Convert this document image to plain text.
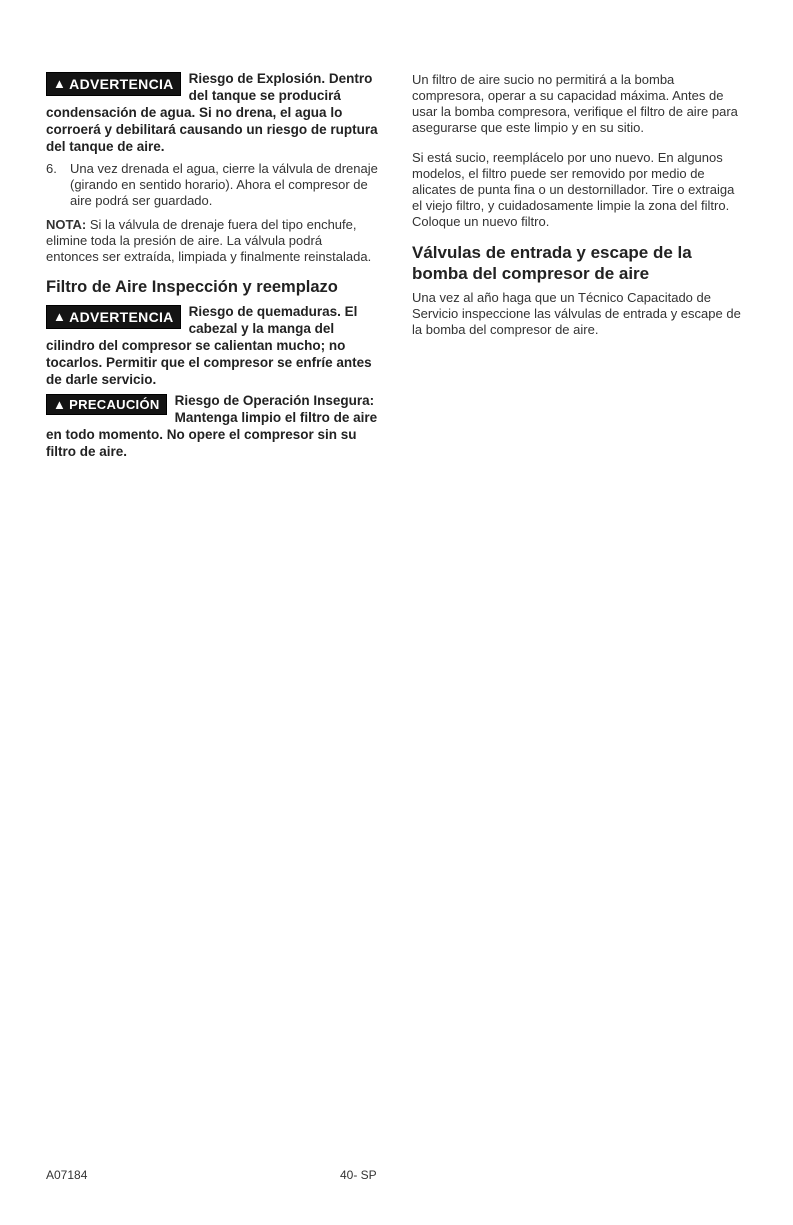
▲ ADVERTENCIA Riesgo de Explosión. Dentro del tanque se producirá condensación de agua. Si no drena, el agua lo corroerá y debilitará causando un riesgo de ruptura del tanque de aire.
6.	Una vez drenada el agua, cierre la válvula de drenaje (girando en sentido horario). Ahora el compresor de aire podrá ser guardado.
NOTA: Si la válvula de drenaje fuera del tipo enchufe, elimine toda la presión de aire. La válvula podrá entonces ser extraída, limpiada y finalmente reinstalada.
Filtro de Aire Inspección y reemplazo
▲ ADVERTENCIA Riesgo de quemaduras. El cabezal y la manga del cilindro del compresor se calientan mucho; no tocarlos. Permitir que el compresor se enfríe antes de darle servicio.
▲ PRECAUCIÓN Riesgo de Operación Insegura: Mantenga limpio el filtro de aire en todo momento. No opere el compresor sin su filtro de aire.

Un filtro de aire sucio no permitirá a la bomba compresora, operar a su capacidad máxima. Antes de usar la bomba compresora, verifique el filtro de aire para asegurarse que este limpio y en su sitio.

Si está sucio, reemplácelo por uno nuevo. En algunos modelos, el filtro puede ser removido por medio de alicates de punta fina o un destornillador. Tire o extraiga el viejo filtro, y cuidadosamente limpie la zona del filtro. Coloque un nuevo filtro.

Válvulas de entrada y escape de la bomba del compresor de aire

Una vez al año haga que un Técnico Capacitado de Servicio inspeccione las válvulas de entrada y escape de la bomba del compresor de aire.

A07184	40- SP
